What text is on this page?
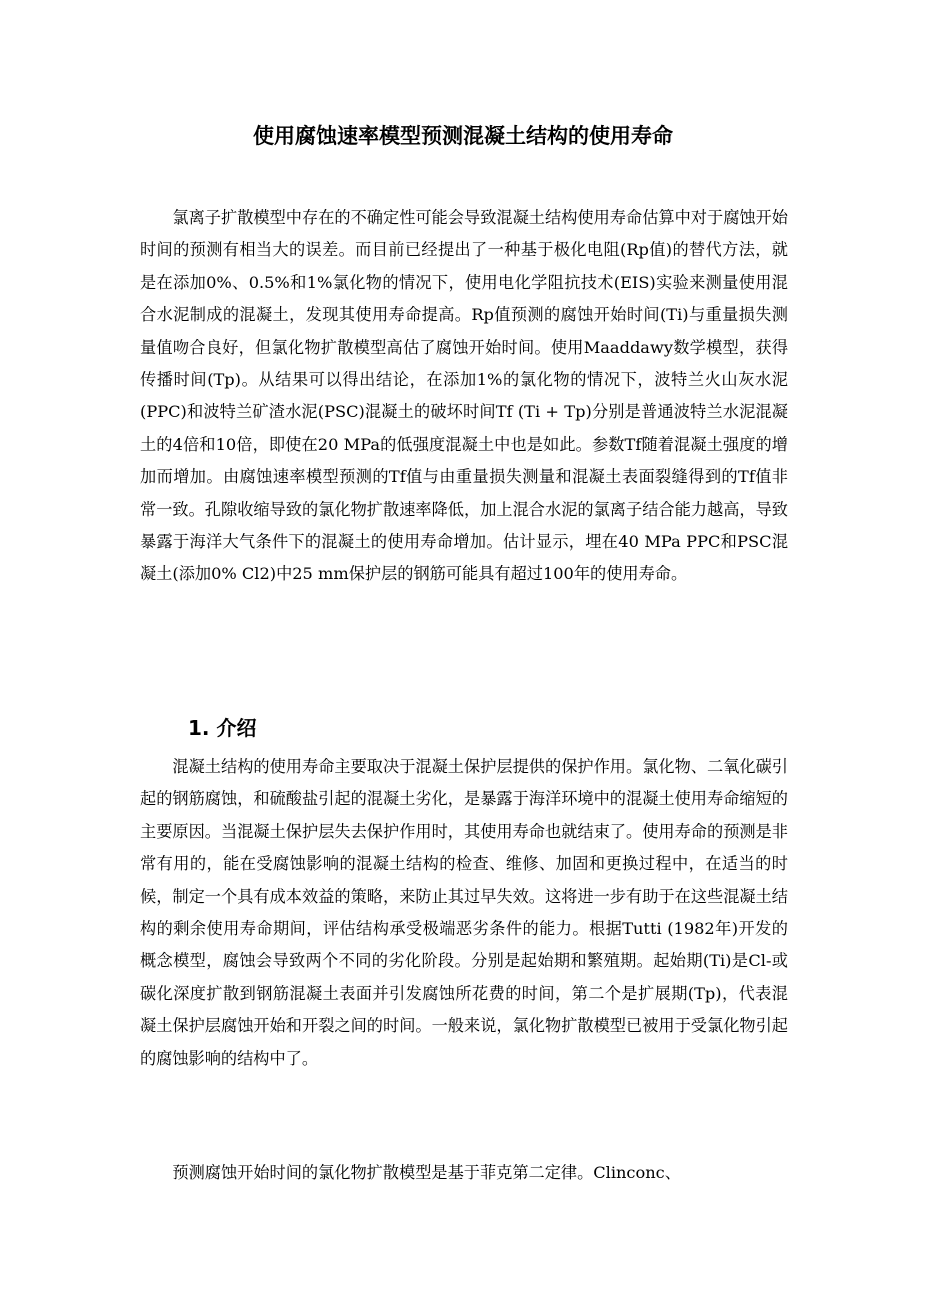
使用腐蚀速率模型预测混凝土结构的使用寿命

氯离子扩散模型中存在的不确定性可能会导致混凝土结构使用寿命估算中对于腐蚀开始时间的预测有相当大的误差。而目前已经提出了一种基于极化电阻(Rp值)的替代方法，就是在添加0%、0.5%和1%氯化物的情况下，使用电化学阻抗技术(EIS)实验来测量使用混合水泥制成的混凝土，发现其使用寿命提高。Rp值预测的腐蚀开始时间(Ti)与重量损失测量值吻合良好，但氯化物扩散模型高估了腐蚀开始时间。使用Maaddawy数学模型，获得传播时间(Tp)。从结果可以得出结论，在添加1%的氯化物的情况下，波特兰火山灰水泥(PPC)和波特兰矿渣水泥(PSC)混凝土的破坏时间Tf (Ti + Tp)分别是普通波特兰水泥混凝土的4倍和10倍，即使在20 MPa的低强度混凝土中也是如此。参数Tf随着混凝土强度的增加而增加。由腐蚀速率模型预测的Tf值与由重量损失测量和混凝土表面裂缝得到的Tf值非常一致。孔隙收缩导致的氯化物扩散速率降低，加上混合水泥的氯离子结合能力越高，导致暴露于海洋大气条件下的混凝土的使用寿命增加。估计显示，埋在40 MPa PPC和PSC混凝土(添加0% Cl2)中25 mm保护层的钢筋可能具有超过100年的使用寿命。

1. 介绍

混凝土结构的使用寿命主要取决于混凝土保护层提供的保护作用。氯化物、二氧化碳引起的钢筋腐蚀，和硫酸盐引起的混凝土劣化，是暴露于海洋环境中的混凝土使用寿命缩短的主要原因。当混凝土保护层失去保护作用时，其使用寿命也就结束了。使用寿命的预测是非常有用的，能在受腐蚀影响的混凝土结构的检查、维修、加固和更换过程中，在适当的时候，制定一个具有成本效益的策略，来防止其过早失效。这将进一步有助于在这些混凝土结构的剩余使用寿命期间，评估结构承受极端恶劣条件的能力。根据Tutti (1982年)开发的概念模型，腐蚀会导致两个不同的劣化阶段。分别是起始期和繁殖期。起始期(Ti)是Cl-或碳化深度扩散到钢筋混凝土表面并引发腐蚀所花费的时间，第二个是扩展期(Tp)，代表混凝土保护层腐蚀开始和开裂之间的时间。一般来说，氯化物扩散模型已被用于受氯化物引起的腐蚀影响的结构中了。

预测腐蚀开始时间的氯化物扩散模型是基于菲克第二定律。Clinconc、
